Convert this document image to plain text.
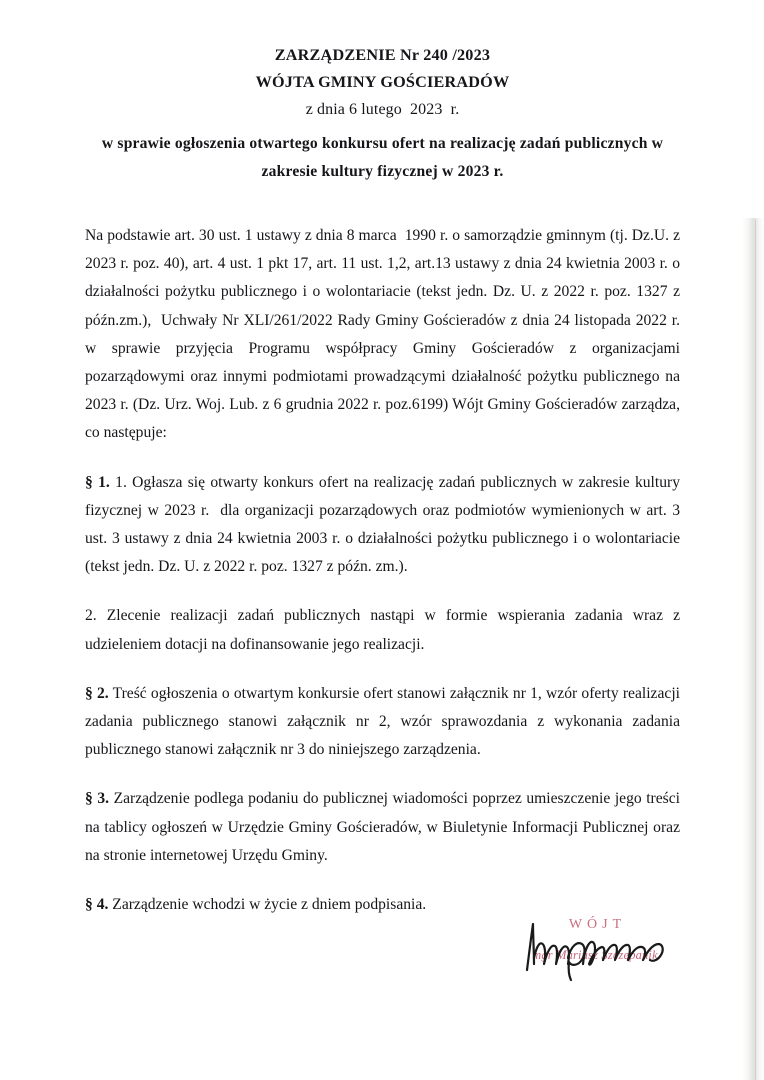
ZARZĄDZENIE Nr 240 /2023
WÓJTA GMINY GOŚCIERADÓW
z dnia 6 lutego  2023  r.
w sprawie ogłoszenia otwartego konkursu ofert na realizację zadań publicznych w
zakresie kultury fizycznej w 2023 r.

Na podstawie art. 30 ust. 1 ustawy z dnia 8 marca  1990 r. o samorządzie gminnym (tj. Dz.U. z 2023 r. poz. 40), art. 4 ust. 1 pkt 17, art. 11 ust. 1,2, art.13 ustawy z dnia 24 kwietnia 2003 r. o działalności pożytku publicznego i o wolontariacie (tekst jedn. Dz. U. z 2022 r. poz. 1327 z późn.zm.),  Uchwały Nr XLI/261/2022 Rady Gminy Gościeradów z dnia 24 listopada 2022 r. w sprawie przyjęcia Programu współpracy Gminy Gościeradów z organizacjami pozarządowymi oraz innymi podmiotami prowadzącymi działalność pożytku publicznego na 2023 r. (Dz. Urz. Woj. Lub. z 6 grudnia 2022 r. poz.6199) Wójt Gminy Gościeradów zarządza, co następuje:

§ 1. 1. Ogłasza się otwarty konkurs ofert na realizację zadań publicznych w zakresie kultury fizycznej w 2023 r.  dla organizacji pozarządowych oraz podmiotów wymienionych w art. 3 ust. 3 ustawy z dnia 24 kwietnia 2003 r. o działalności pożytku publicznego i o wolontariacie (tekst jedn. Dz. U. z 2022 r. poz. 1327 z późn. zm.).

2. Zlecenie realizacji zadań publicznych nastąpi w formie wspierania zadania wraz z udzieleniem dotacji na dofinansowanie jego realizacji.

§ 2. Treść ogłoszenia o otwartym konkursie ofert stanowi załącznik nr 1, wzór oferty realizacji zadania publicznego stanowi załącznik nr 2, wzór sprawozdania z wykonania zadania publicznego stanowi załącznik nr 3 do niniejszego zarządzenia.

§ 3. Zarządzenie podlega podaniu do publicznej wiadomości poprzez umieszczenie jego treści na tablicy ogłoszeń w Urzędzie Gminy Gościeradów, w Biuletynie Informacji Publicznej oraz na stronie internetowej Urzędu Gminy.

§ 4. Zarządzenie wchodzi w życie z dniem podpisania.

WÓJT
mgr Mariusz Szczepanik
